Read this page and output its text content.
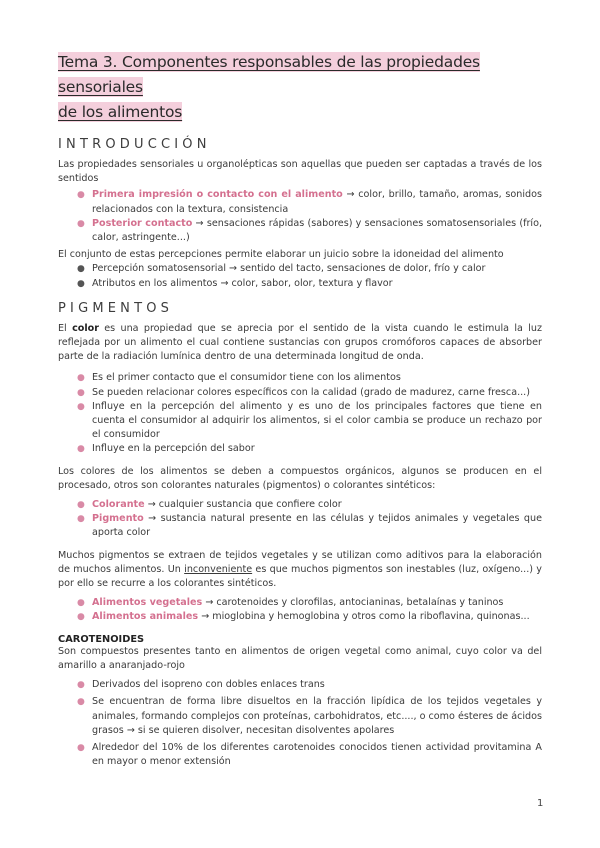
Tema 3. Componentes responsables de las propiedades sensoriales
de los alimentos
INTRODUCCIÓN

Las propiedades sensoriales u organolépticas son aquellas que pueden ser captadas a través de los sentidos

● Primera impresión o contacto con el alimento → color, brillo, tamaño, aromas, sonidos relacionados con la textura, consistencia
● Posterior contacto → sensaciones rápidas (sabores) y sensaciones somatosensoriales (frío, calor, astringente...)

El conjunto de estas percepciones permite elaborar un juicio sobre la idoneidad del alimento

● Percepción somatosensorial → sentido del tacto, sensaciones de dolor, frío y calor
● Atributos en los alimentos → color, sabor, olor, textura y flavor
PIGMENTOS

El color es una propiedad que se aprecia por el sentido de la vista cuando le estimula la luz reflejada por un alimento el cual contiene sustancias con grupos cromóforos capaces de absorber parte de la radiación lumínica dentro de una determinada longitud de onda.

● Es el primer contacto que el consumidor tiene con los alimentos
● Se pueden relacionar colores específicos con la calidad (grado de madurez, carne fresca...)
● Influye en la percepción del alimento y es uno de los principales factores que tiene en cuenta el consumidor al adquirir los alimentos, si el color cambia se produce un rechazo por el consumidor
● Influye en la percepción del sabor

Los colores de los alimentos se deben a compuestos orgánicos, algunos se producen en el procesado, otros son colorantes naturales (pigmentos) o colorantes sintéticos:

● Colorante → cualquier sustancia que confiere color
● Pigmento → sustancia natural presente en las células y tejidos animales y vegetales que aporta color

Muchos pigmentos se extraen de tejidos vegetales y se utilizan como aditivos para la elaboración de muchos alimentos. Un inconveniente es que muchos pigmentos son inestables (luz, oxígeno...) y por ello se recurre a los colorantes sintéticos.

● Alimentos vegetales → carotenoides y clorofilas, antocianinas, betalaínas y taninos
● Alimentos animales → mioglobina y hemoglobina y otros como la riboflavina, quinonas...
CAROTENOIDES

Son compuestos presentes tanto en alimentos de origen vegetal como animal, cuyo color va del amarillo a anaranjado-rojo

● Derivados del isopreno con dobles enlaces trans
● Se encuentran de forma libre disueltos en la fracción lipídica de los tejidos vegetales y animales, formando complejos con proteínas, carbohidratos, etc...., o como ésteres de ácidos grasos → si se quieren disolver, necesitan disolventes apolares
● Alrededor del 10% de los diferentes carotenoides conocidos tienen actividad provitamina A en mayor o menor extensión
1
